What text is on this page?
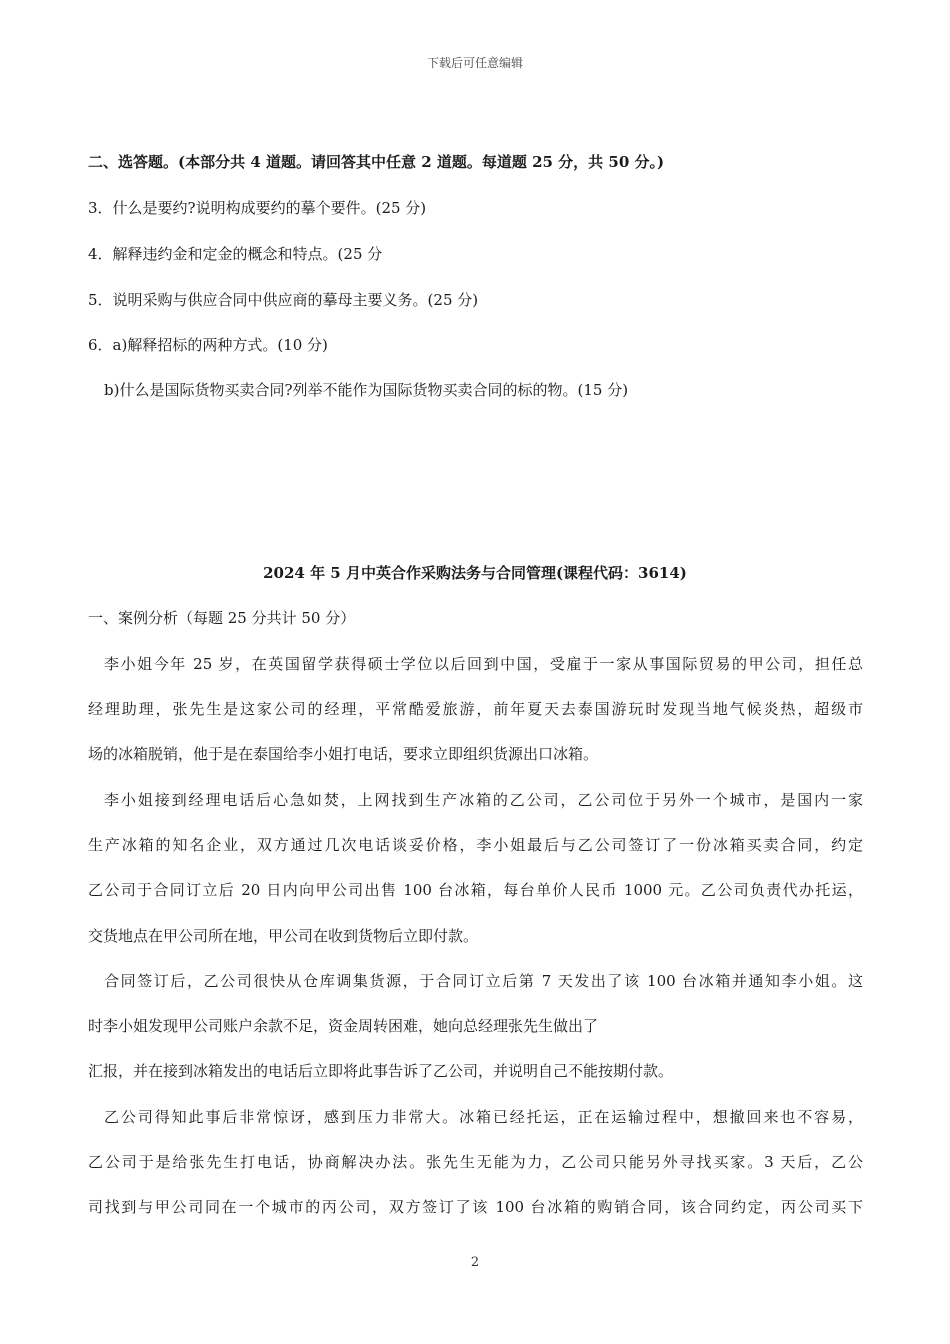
下载后可任意编辑
二、选答题。(本部分共 4 道题。请回答其中任意 2 道题。每道题 25 分，共 50 分。)
3．什么是要约?说明构成要约的摹个要件。(25 分)
4．解释违约金和定金的概念和特点。(25 分
5．说明采购与供应合同中供应商的摹母主要义务。(25 分)
6．a)解释招标的两种方式。(10 分)
b)什么是国际货物买卖合同?列举不能作为国际货物买卖合同的标的物。(15 分)
2024 年 5 月中英合作采购法务与合同管理(课程代码：3614)
一、案例分析（每题 25 分共计 50 分）
李小姐今年 25 岁，在英国留学获得硕士学位以后回到中国，受雇于一家从事国际贸易的甲公司，担任总
经理助理，张先生是这家公司的经理，平常酷爱旅游，前年夏天去泰国游玩时发现当地气候炎热，超级市
场的冰箱脱销，他于是在泰国给李小姐打电话，要求立即组织货源出口冰箱。
李小姐接到经理电话后心急如焚，上网找到生产冰箱的乙公司，乙公司位于另外一个城市，是国内一家
生产冰箱的知名企业，双方通过几次电话谈妥价格，李小姐最后与乙公司签订了一份冰箱买卖合同，约定
乙公司于合同订立后 20 日内向甲公司出售 100 台冰箱，每台单价人民币 1000 元。乙公司负责代办托运，
交货地点在甲公司所在地，甲公司在收到货物后立即付款。
合同签订后，乙公司很快从仓库调集货源，于合同订立后第 7 天发出了该 100 台冰箱并通知李小姐。这
时李小姐发现甲公司账户余款不足，资金周转困难，她向总经理张先生做出了
汇报，并在接到冰箱发出的电话后立即将此事告诉了乙公司，并说明自己不能按期付款。
乙公司得知此事后非常惊讶，感到压力非常大。冰箱已经托运，正在运输过程中，想撤回来也不容易，
乙公司于是给张先生打电话，协商解决办法。张先生无能为力，乙公司只能另外寻找买家。3 天后，乙公
司找到与甲公司同在一个城市的丙公司，双方签订了该 100 台冰箱的购销合同，该合同约定，丙公司买下
2
